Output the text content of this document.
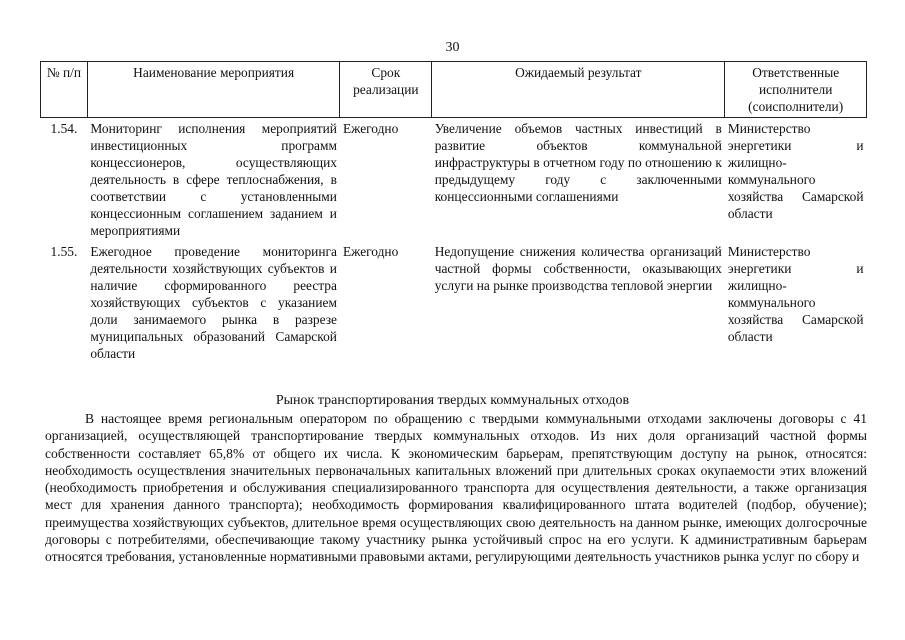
30
№ п/п	Наименование мероприятия	Срок реализации	Ожидаемый результат	Ответственные исполнители (соисполнители)
1.54.	Мониторинг исполнения мероприятий инвестиционных программ концессионеров, осуществляющих деятельность в сфере теплоснабжения, в соответствии с установленными концессионным соглашением заданием и мероприятиями	Ежегодно	Увеличение объемов частных инвестиций в развитие объектов коммунальной инфраструктуры в отчетном году по отношению к предыдущему году с заключенными концессионными соглашениями	Министерство энергетики и жилищно-коммунального хозяйства Самарской области
1.55.	Ежегодное проведение мониторинга деятельности хозяйствующих субъектов и наличие сформированного реестра хозяйствующих субъектов с указанием доли занимаемого рынка в разрезе муниципальных образований Самарской области	Ежегодно	Недопущение снижения количества организаций частной формы собственности, оказывающих услуги на рынке производства тепловой энергии	Министерство энергетики и жилищно-коммунального хозяйства Самарской области
Рынок транспортирования твердых коммунальных отходов

В настоящее время региональным оператором по обращению с твердыми коммунальными отходами заключены договоры с 41 организацией, осуществляющей транспортирование твердых коммунальных отходов. Из них доля организаций частной формы собственности составляет 65,8% от общего их числа. К экономическим барьерам, препятствующим доступу на рынок, относятся: необходимость осуществления значительных первоначальных капитальных вложений при длительных сроках окупаемости этих вложений (необходимость приобретения и обслуживания специализированного транспорта для осуществления деятельности, а также организация мест для хранения данного транспорта); необходимость формирования квалифицированного штата водителей (подбор, обучение); преимущества хозяйствующих субъектов, длительное время осуществляющих свою деятельность на данном рынке, имеющих долгосрочные договоры с потребителями, обеспечивающие такому участнику рынка устойчивый спрос на его услуги. К административным барьерам относятся требования, установленные нормативными правовыми актами, регулирующими деятельность участников рынка услуг по сбору и
